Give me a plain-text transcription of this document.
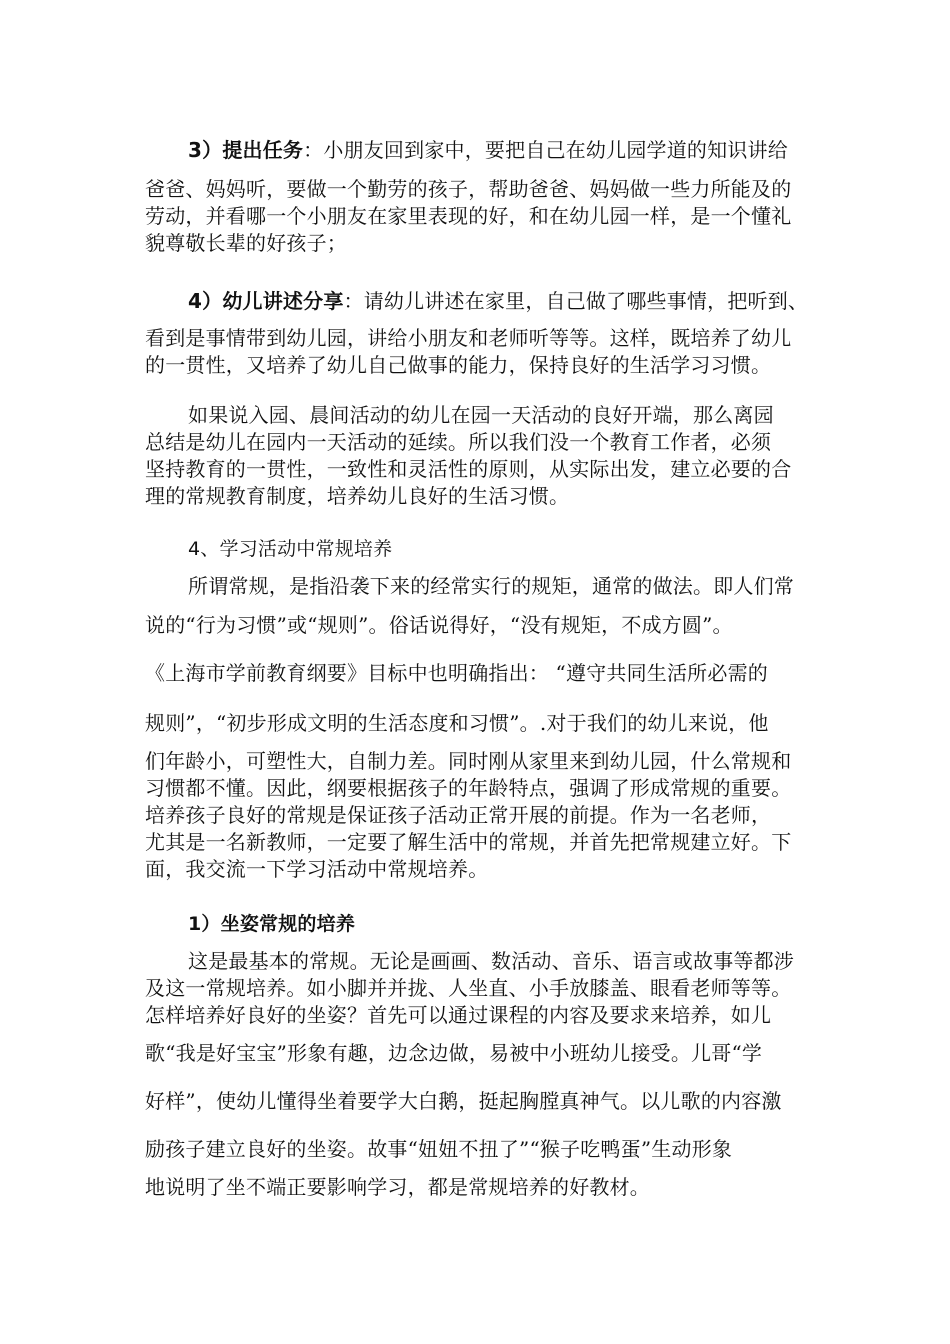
3）提出任务：小朋友回到家中，要把自己在幼儿园学道的知识讲给

爸爸、妈妈听，要做一个勤劳的孩子，帮助爸爸、妈妈做一些力所能及的

劳动，并看哪一个小朋友在家里表现的好，和在幼儿园一样，是一个懂礼

貌尊敬长辈的好孩子；

4）幼儿讲述分享：请幼儿讲述在家里，自己做了哪些事情，把听到、

看到是事情带到幼儿园，讲给小朋友和老师听等等。这样，既培养了幼儿

的一贯性，又培养了幼儿自己做事的能力，保持良好的生活学习习惯。

如果说入园、晨间活动的幼儿在园一天活动的良好开端，那么离园

总结是幼儿在园内一天活动的延续。所以我们没一个教育工作者，必须

坚持教育的一贯性，一致性和灵活性的原则，从实际出发，建立必要的合

理的常规教育制度，培养幼儿良好的生活习惯。

4、学习活动中常规培养

所谓常规，是指沿袭下来的经常实行的规矩，通常的做法。即人们常

说的“行为习惯”或“规则”。俗话说得好，“没有规矩，不成方圆”。

《上海市学前教育纲要》目标中也明确指出： “遵守共同生活所必需的

规则”，“初步形成文明的生活态度和习惯”。.对于我们的幼儿来说，他

们年龄小，可塑性大，自制力差。同时刚从家里来到幼儿园，什么常规和

习惯都不懂。因此，纲要根据孩子的年龄特点，强调了形成常规的重要。

培养孩子良好的常规是保证孩子活动正常开展的前提。作为一名老师，

尤其是一名新教师，一定要了解生活中的常规，并首先把常规建立好。下

面，我交流一下学习活动中常规培养。

1）坐姿常规的培养

这是最基本的常规。无论是画画、数活动、音乐、语言或故事等都涉

及这一常规培养。如小脚并并拢、人坐直、小手放膝盖、眼看老师等等。

怎样培养好良好的坐姿？首先可以通过课程的内容及要求来培养，如儿

歌“我是好宝宝”形象有趣，边念边做，易被中小班幼儿接受。儿哥“学

好样”，使幼儿懂得坐着要学大白鹅，挺起胸膛真神气。以儿歌的内容激

励孩子建立良好的坐姿。故事“妞妞不扭了”“猴子吃鸭蛋”生动形象

地说明了坐不端正要影响学习，都是常规培养的好教材。
